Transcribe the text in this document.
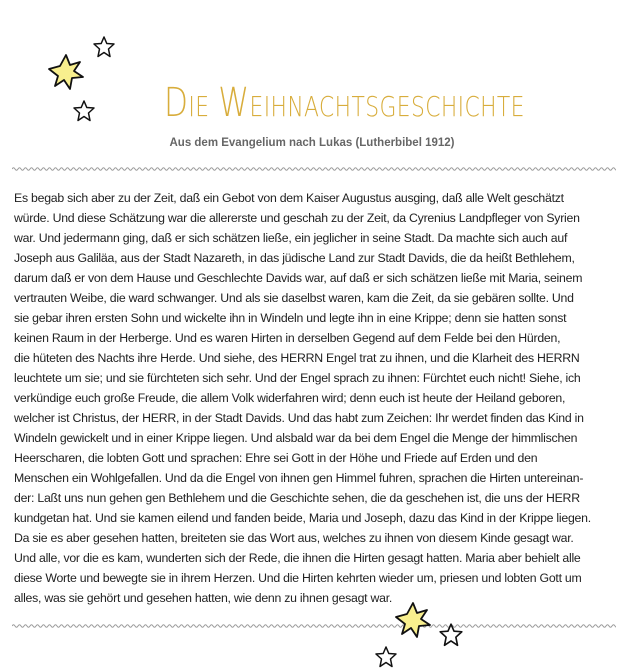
Die Weihnachtsgeschichte
Aus dem Evangelium nach Lukas (Lutherbibel 1912)
Es begab sich aber zu der Zeit, daß ein Gebot von dem Kaiser Augustus ausging, daß alle Welt geschätzt
würde. Und diese Schätzung war die allererste und geschah zu der Zeit, da Cyrenius Landpfleger von Syrien
war. Und jedermann ging, daß er sich schätzen ließe, ein jeglicher in seine Stadt. Da machte sich auch auf
Joseph aus Galiläa, aus der Stadt Nazareth, in das jüdische Land zur Stadt Davids, die da heißt Bethlehem,
darum daß er von dem Hause und Geschlechte Davids war, auf daß er sich schätzen ließe mit Maria, seinem
vertrauten Weibe, die ward schwanger. Und als sie daselbst waren, kam die Zeit, da sie gebären sollte. Und
sie gebar ihren ersten Sohn und wickelte ihn in Windeln und legte ihn in eine Krippe; denn sie hatten sonst
keinen Raum in der Herberge. Und es waren Hirten in derselben Gegend auf dem Felde bei den Hürden,
die hüteten des Nachts ihre Herde. Und siehe, des HERRN Engel trat zu ihnen, und die Klarheit des HERRN
leuchtete um sie; und sie fürchteten sich sehr. Und der Engel sprach zu ihnen: Fürchtet euch nicht! Siehe, ich
verkündige euch große Freude, die allem Volk widerfahren wird; denn euch ist heute der Heiland geboren,
welcher ist Christus, der HERR, in der Stadt Davids. Und das habt zum Zeichen: Ihr werdet finden das Kind in
Windeln gewickelt und in einer Krippe liegen. Und alsbald war da bei dem Engel die Menge der himmlischen
Heerscharen, die lobten Gott und sprachen: Ehre sei Gott in der Höhe und Friede auf Erden und den
Menschen ein Wohlgefallen. Und da die Engel von ihnen gen Himmel fuhren, sprachen die Hirten untereinan-
der: Laßt uns nun gehen gen Bethlehem und die Geschichte sehen, die da geschehen ist, die uns der HERR
kundgetan hat. Und sie kamen eilend und fanden beide, Maria und Joseph, dazu das Kind in der Krippe liegen.
Da sie es aber gesehen hatten, breiteten sie das Wort aus, welches zu ihnen von diesem Kinde gesagt war.
Und alle, vor die es kam, wunderten sich der Rede, die ihnen die Hirten gesagt hatten. Maria aber behielt alle
diese Worte und bewegte sie in ihrem Herzen. Und die Hirten kehrten wieder um, priesen und lobten Gott um
alles, was sie gehört und gesehen hatten, wie denn zu ihnen gesagt war.
